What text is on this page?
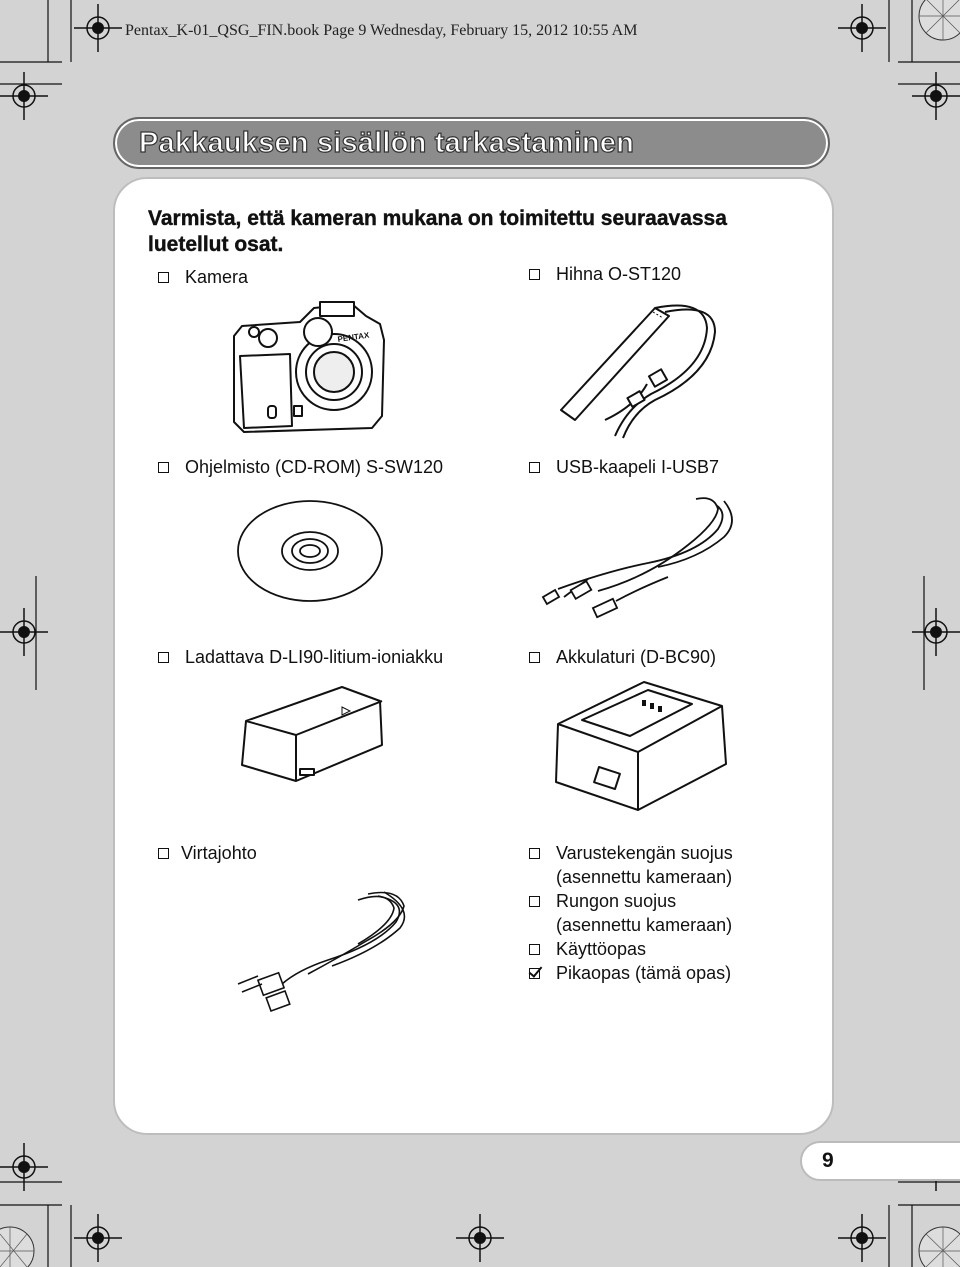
Pentax_K-01_QSG_FIN.book Page 9 Wednesday, February 15, 2012 10:55 AM
Pakkauksen sisällön tarkastaminen

Varmista, että kameran mukana on toimitettu seuraavassa luetellut osat.

Kamera	Hihna O-ST120
Ohjelmisto (CD-ROM) S-SW120	USB-kaapeli I-USB7
Ladattava D-LI90-litium-ioniakku	Akkulaturi (D-BC90)
Virtajohto	Varustekengän suojus
(asennettu kameraan)
Rungon suojus
(asennettu kameraan)
Käyttöopas
Pikaopas (tämä opas)
PENTAX
9
